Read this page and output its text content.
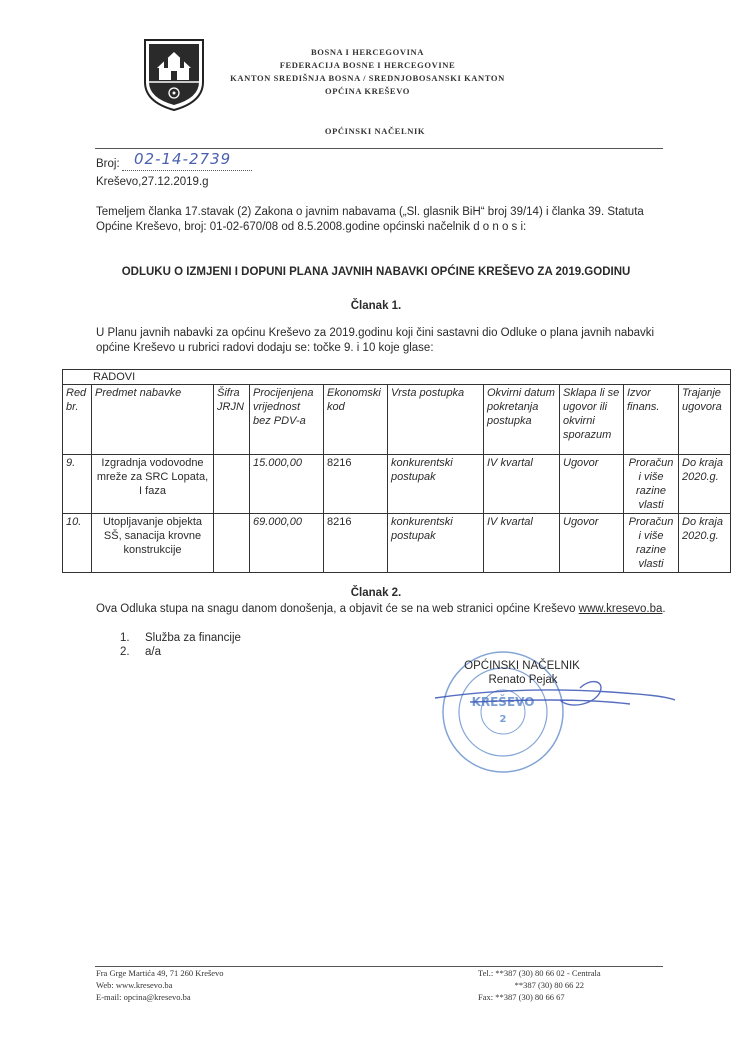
BOSNA I HERCEGOVINA
FEDERACIJA BOSNE I HERCEGOVINE
KANTON SREDIŠNJA BOSNA / SREDNJOBOSANSKI KANTON
OPĆINA KREŠEVO
OPĆINSKI NAČELNIK
Broj: 02-14-2739
Kreševo,27.12.2019.g
Temeljem članka 17.stavak (2) Zakona o javnim nabavama („Sl. glasnik BiH“ broj 39/14) i članka 39. Statuta Općine Kreševo, broj: 01-02-670/08 od 8.5.2008.godine općinski načelnik d o n o s i:
ODLUKU O IZMJENI I DOPUNI PLANA JAVNIH NABAVKI OPĆINE KREŠEVO ZA 2019.GODINU
Članak 1.
U Planu javnih nabavki za općinu Kreševo za 2019.godinu koji čini sastavni dio Odluke o plana javnih nabavki općine Kreševo u rubrici radovi dodaju se: točke 9. i 10 koje glase:
RADOVI									
Red br.	Predmet nabavke	Šifra JRJN	Procijenjena vrijednost bez PDV-a	Ekonomski kod	Vrsta postupka	Okvirni datum pokretanja postupka	Sklapa li se ugovor ili okvirni sporazum	Izvor finans.	Trajanje ugovora
9.	Izgradnja vodovodne mreže za SRC Lopata, I faza		15.000,00	8216	konkurentski postupak	IV kvartal	Ugovor	Proračun i više razine vlasti	Do kraja 2020.g.
10.	Utopljavanje objekta SŠ, sanacija krovne konstrukcije		69.000,00	8216	konkurentski postupak	IV kvartal	Ugovor	Proračun i više razine vlasti	Do kraja 2020.g.
Članak 2.
Ova Odluka stupa na snagu danom donošenja, a objavit će se na web stranici općine Kreševo www.kresevo.ba.
1. Služba za financije
2. a/a
KREŠEVO
2
OPĆINSKI NAČELNIK
Renato Pejak
Fra Grge Martića 49, 71 260 Kreševo
Web: www.kresevo.ba
E-mail: opcina@kresevo.ba
Tel.: **387 (30) 80 66 02 - Centrala
**387 (30) 80 66 22
Fax: **387 (30) 80 66 67
